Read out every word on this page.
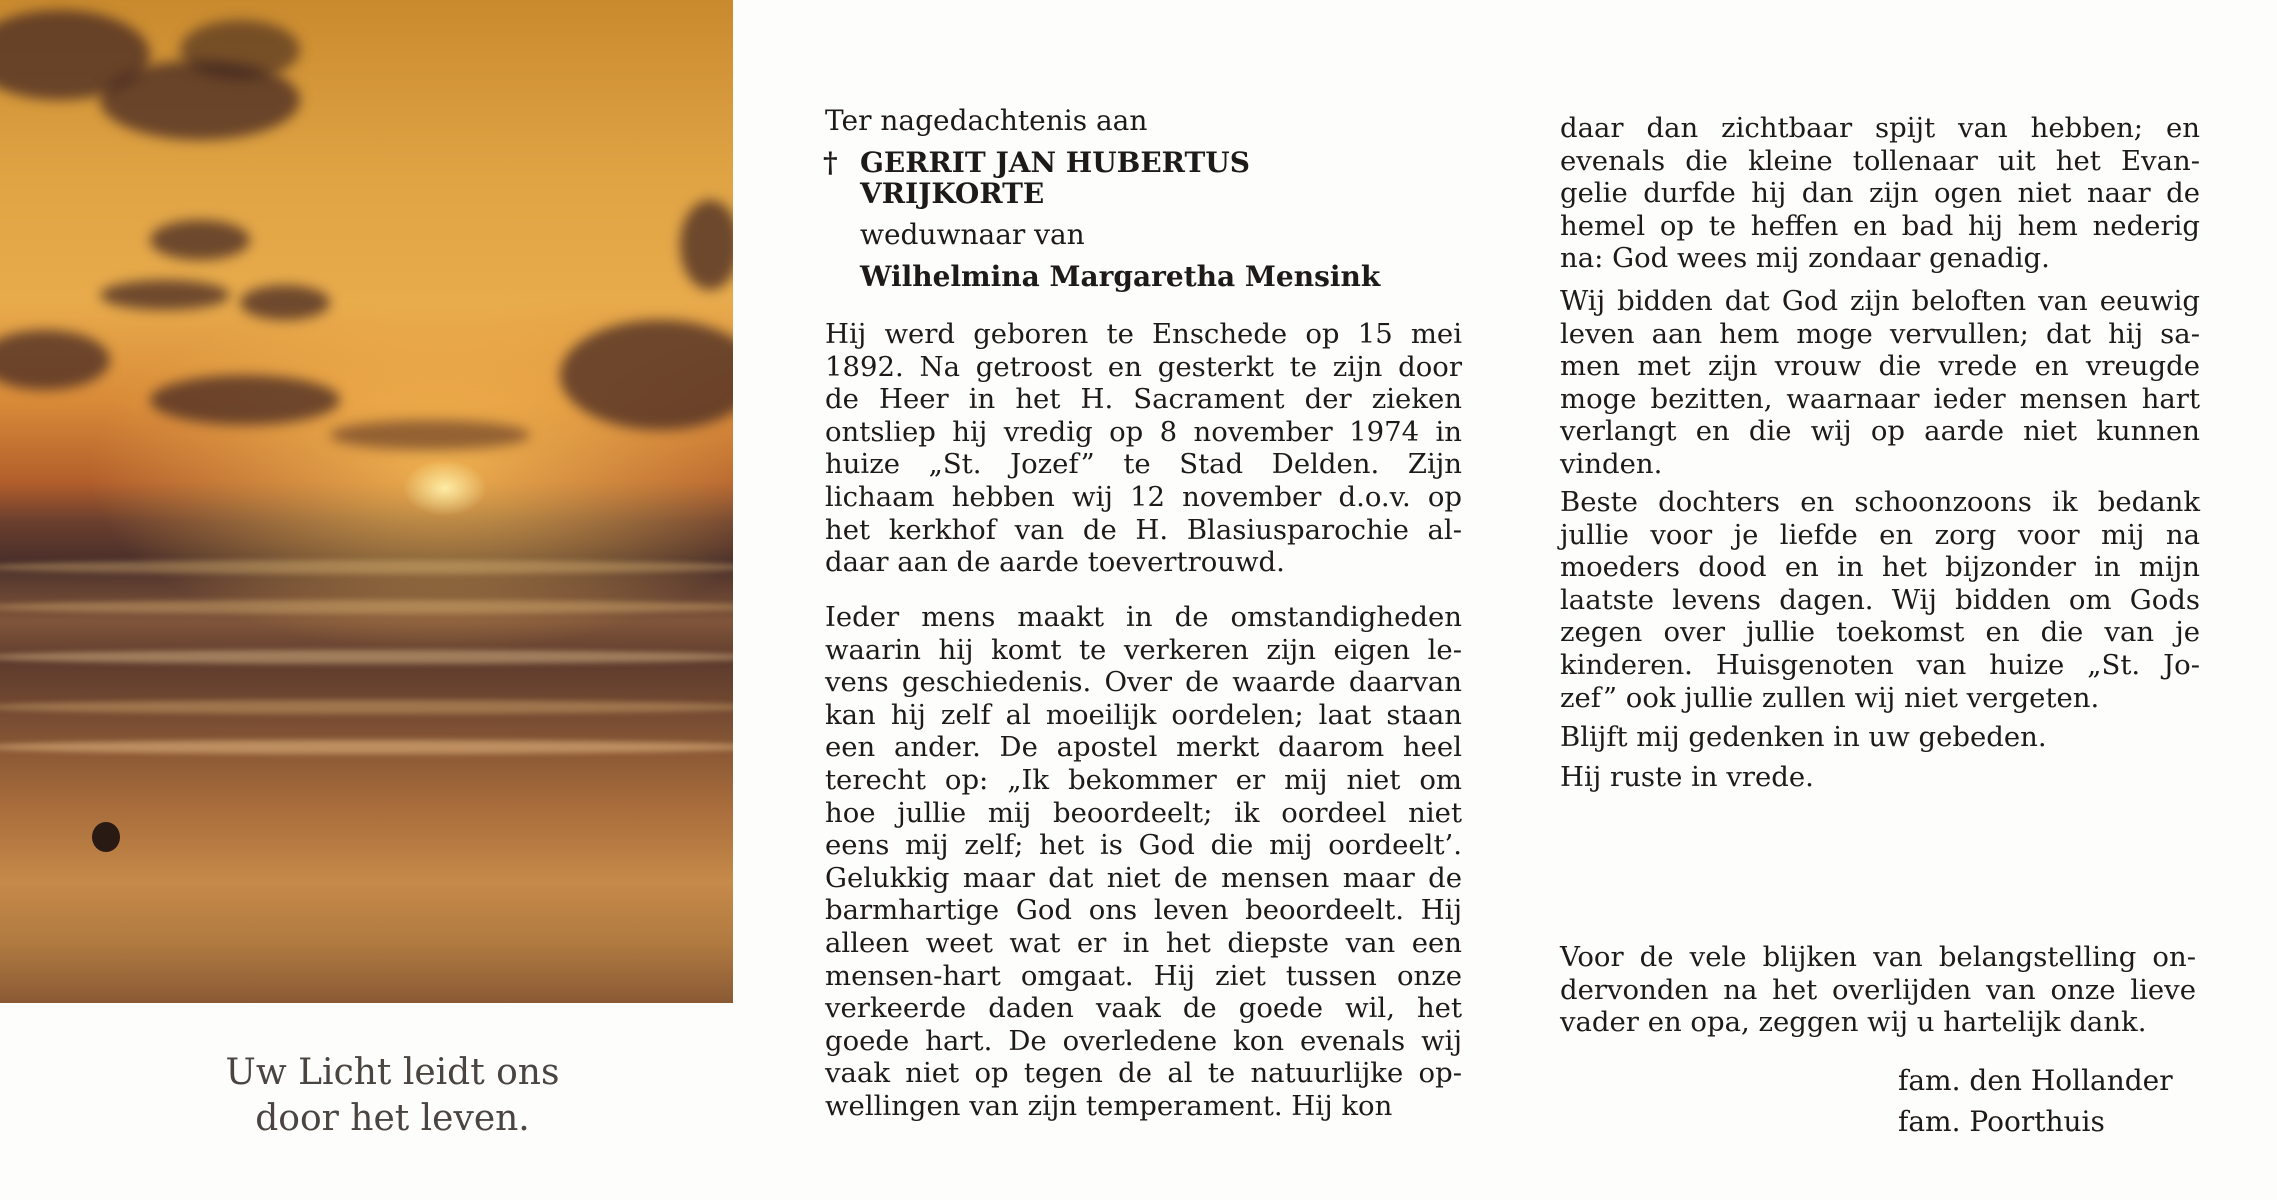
Uw Licht leidt ons
door het leven.
Ter nagedachtenis aan
† GERRIT JAN HUBERTUS
VRIJKORTE
weduwnaar van
Wilhelmina Margaretha Mensink
Hij werd geboren te Enschede op 15 mei
1892. Na getroost en gesterkt te zijn door
de Heer in het H. Sacrament der zieken
ontsliep hij vredig op 8 november 1974 in
huize „St. Jozef” te Stad Delden. Zijn
lichaam hebben wij 12 november d.o.v. op
het kerkhof van de H. Blasiusparochie al-
daar aan de aarde toevertrouwd.
Ieder mens maakt in de omstandigheden
waarin hij komt te verkeren zijn eigen le-
vens geschiedenis. Over de waarde daarvan
kan hij zelf al moeilijk oordelen; laat staan
een ander. De apostel merkt daarom heel
terecht op: „Ik bekommer er mij niet om
hoe jullie mij beoordeelt; ik oordeel niet
eens mij zelf; het is God die mij oordeelt’.
Gelukkig maar dat niet de mensen maar de
barmhartige God ons leven beoordeelt. Hij
alleen weet wat er in het diepste van een
mensen-hart omgaat. Hij ziet tussen onze
verkeerde daden vaak de goede wil, het
goede hart. De overledene kon evenals wij
vaak niet op tegen de al te natuurlijke op-
wellingen van zijn temperament. Hij kon
daar dan zichtbaar spijt van hebben; en
evenals die kleine tollenaar uit het Evan-
gelie durfde hij dan zijn ogen niet naar de
hemel op te heffen en bad hij hem nederig
na: God wees mij zondaar genadig.
Wij bidden dat God zijn beloften van eeuwig
leven aan hem moge vervullen; dat hij sa-
men met zijn vrouw die vrede en vreugde
moge bezitten, waarnaar ieder mensen hart
verlangt en die wij op aarde niet kunnen
vinden.
Beste dochters en schoonzoons ik bedank
jullie voor je liefde en zorg voor mij na
moeders dood en in het bijzonder in mijn
laatste levens dagen. Wij bidden om Gods
zegen over jullie toekomst en die van je
kinderen. Huisgenoten van huize „St. Jo-
zef” ook jullie zullen wij niet vergeten.
Blijft mij gedenken in uw gebeden.
Hij ruste in vrede.
Voor de vele blijken van belangstelling on-
dervonden na het overlijden van onze lieve
vader en opa, zeggen wij u hartelijk dank.
fam. den Hollander
fam. Poorthuis
